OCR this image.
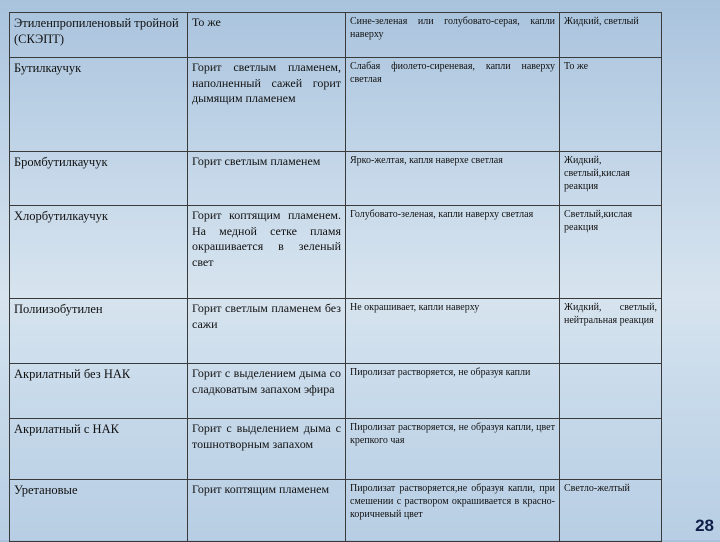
Этиленпропиленовый тройной (СКЭПТ)	То же	Сине-зеленая или голубовато-серая, капли наверху	Жидкий, светлый
Бутилкаучук	Горит светлым пламенем, наполненный сажей горит дымящим пламенем	Слабая фиолето-сиреневая, капли наверху светлая	То же
Бромбутилкаучук	Горит светлым пламенем	Ярко-желтая, капля наверхе светлая	Жидкий, светлый,кислая реакция
Хлорбутилкаучук	Горит коптящим пламенем. На медной сетке пламя окрашивается в зеленый свет	Голубовато-зеленая, капли наверху светлая	Светлый,кислая реакция
Полиизобутилен	Горит светлым пламенем без сажи	Не окрашивает, капли наверху	Жидкий, светлый, нейтральная реакция
Акрилатный без НАК	Горит с выделением дыма со сладковатым запахом эфира	Пиролизат растворяется, не образуя капли	
Акрилатный с НАК	Горит с выделением дыма с тошнотворным запахом	Пиролизат растворяется, не образуя капли, цвет крепкого чая	
Уретановые	Горит коптящим пламенем	Пиролизат растворяется,не образуя капли, при смешении с раствором окрашивается в красно-коричневый цвет	Светло-желтый
28
